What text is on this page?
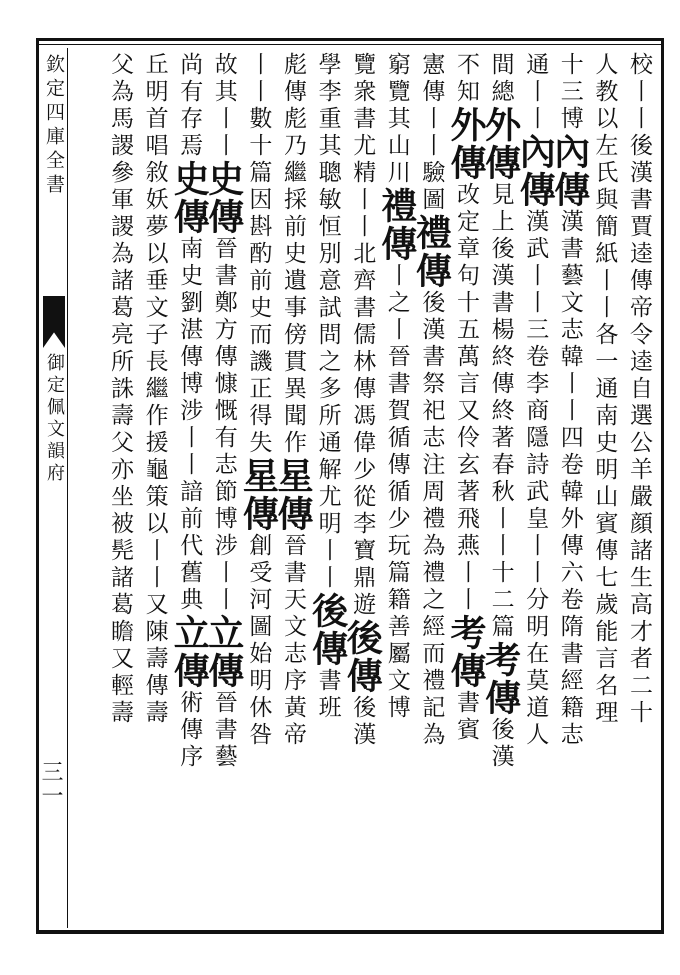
欽定四庫全書
御定佩文韻府
三一
校丨丨後漢書賈逵傳帝令逵自選公羊嚴顔諸生高才者二十
人教以左氏與簡紙丨丨各一通南史明山賓傳七歲能言名理
十三博內傳漢書藝文志韓丨丨四卷韓外傳六卷隋書經籍志
通丨丨內傳漢武丨丨三卷李商隱詩武皇丨丨分明在莫道人
間總外傳見上後漢書楊終傳終著春秋丨丨十二篇考傳後漢
不知外傳改定章句十五萬言又伶玄著飛燕丨丨考傳書賓
憲傳丨丨驗圖禮傳後漢書祭祀志注周禮為禮之經而禮記為
窮覽其山川禮傳丨之丨晉書賀循傳循少玩篇籍善屬文博
覽衆書尤精丨丨北齊書儒林傳馮偉少從李寶鼎遊後傳後漢
學李重其聰敏恒別意試問之多所通解尤明丨丨後傳書班
彪傳彪乃繼採前史遺事傍貫異聞作星傳晉書天文志序黃帝
丨丨數十篇因斟酌前史而譏正得失星傳創受河圖始明休咎
故其丨丨史傳晉書鄭方傳慷慨有志節博涉丨丨立傳晉書藝
尚有存焉史傳南史劉湛傳博涉丨丨諳前代舊典立傳術傳序
丘明首唱敘妖夢以垂文子長繼作援龜策以丨丨又陳壽傳壽
父為馬謖參軍謖為諸葛亮所誅壽父亦坐被髡諸葛瞻又輕壽
